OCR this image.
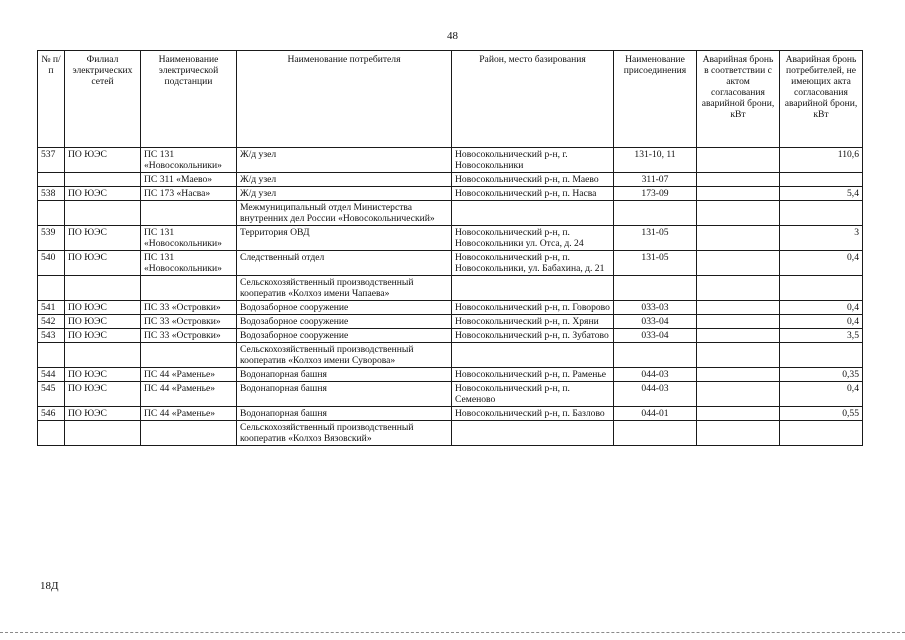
48
№ п/п	Филиал электрических сетей	Наименование электрической подстанции	Наименование потребителя	Район, место базирования	Наименование присоединения	Аварийная бронь в соответствии с актом согласования аварийной брони, кВт	Аварийная бронь потребителей, не имеющих акта согласования аварийной брони, кВт
537	ПО ЮЭС	ПС 131 «Новосокольники»	Ж/д узел	Новосокольнический р-н, г. Новосокольники	131-10, 11		110,6
		ПС 311 «Маево»	Ж/д узел	Новосокольнический р-н, п. Маево	311-07		
538	ПО ЮЭС	ПС 173 «Насва»	Ж/д узел	Новосокольнический р-н, п. Насва	173-09		5,4
			Межмуниципальный отдел Министерства внутренних дел России «Новосокольнический»				
539	ПО ЮЭС	ПС 131 «Новосокольники»	Территория ОВД	Новосокольнический р-н, п. Новосокольники ул. Отса, д. 24	131-05		3
540	ПО ЮЭС	ПС 131 «Новосокольники»	Следственный отдел	Новосокольнический р-н, п. Новосокольники, ул. Бабахина, д. 21	131-05		0,4
			Сельскохозяйственный производственный кооператив «Колхоз имени Чапаева»				
541	ПО ЮЭС	ПС 33 «Островки»	Водозаборное сооружение	Новосокольнический р-н, п. Говорово	033-03		0,4
542	ПО ЮЭС	ПС 33 «Островки»	Водозаборное сооружение	Новосокольнический р-н, п. Хряни	033-04		0,4
543	ПО ЮЭС	ПС 33 «Островки»	Водозаборное сооружение	Новосокольнический р-н, п. Зубатово	033-04		3,5
			Сельскохозяйственный производственный кооператив «Колхоз имени Суворова»				
544	ПО ЮЭС	ПС 44 «Раменье»	Водонапорная башня	Новосокольнический р-н, п. Раменье	044-03		0,35
545	ПО ЮЭС	ПС 44 «Раменье»	Водонапорная башня	Новосокольнический р-н, п. Семеново	044-03		0,4
546	ПО ЮЭС	ПС 44 «Раменье»	Водонапорная башня	Новосокольнический р-н, п. Базлово	044-01		0,55
			Сельскохозяйственный производственный кооператив «Колхоз Вязовский»				
18Д
